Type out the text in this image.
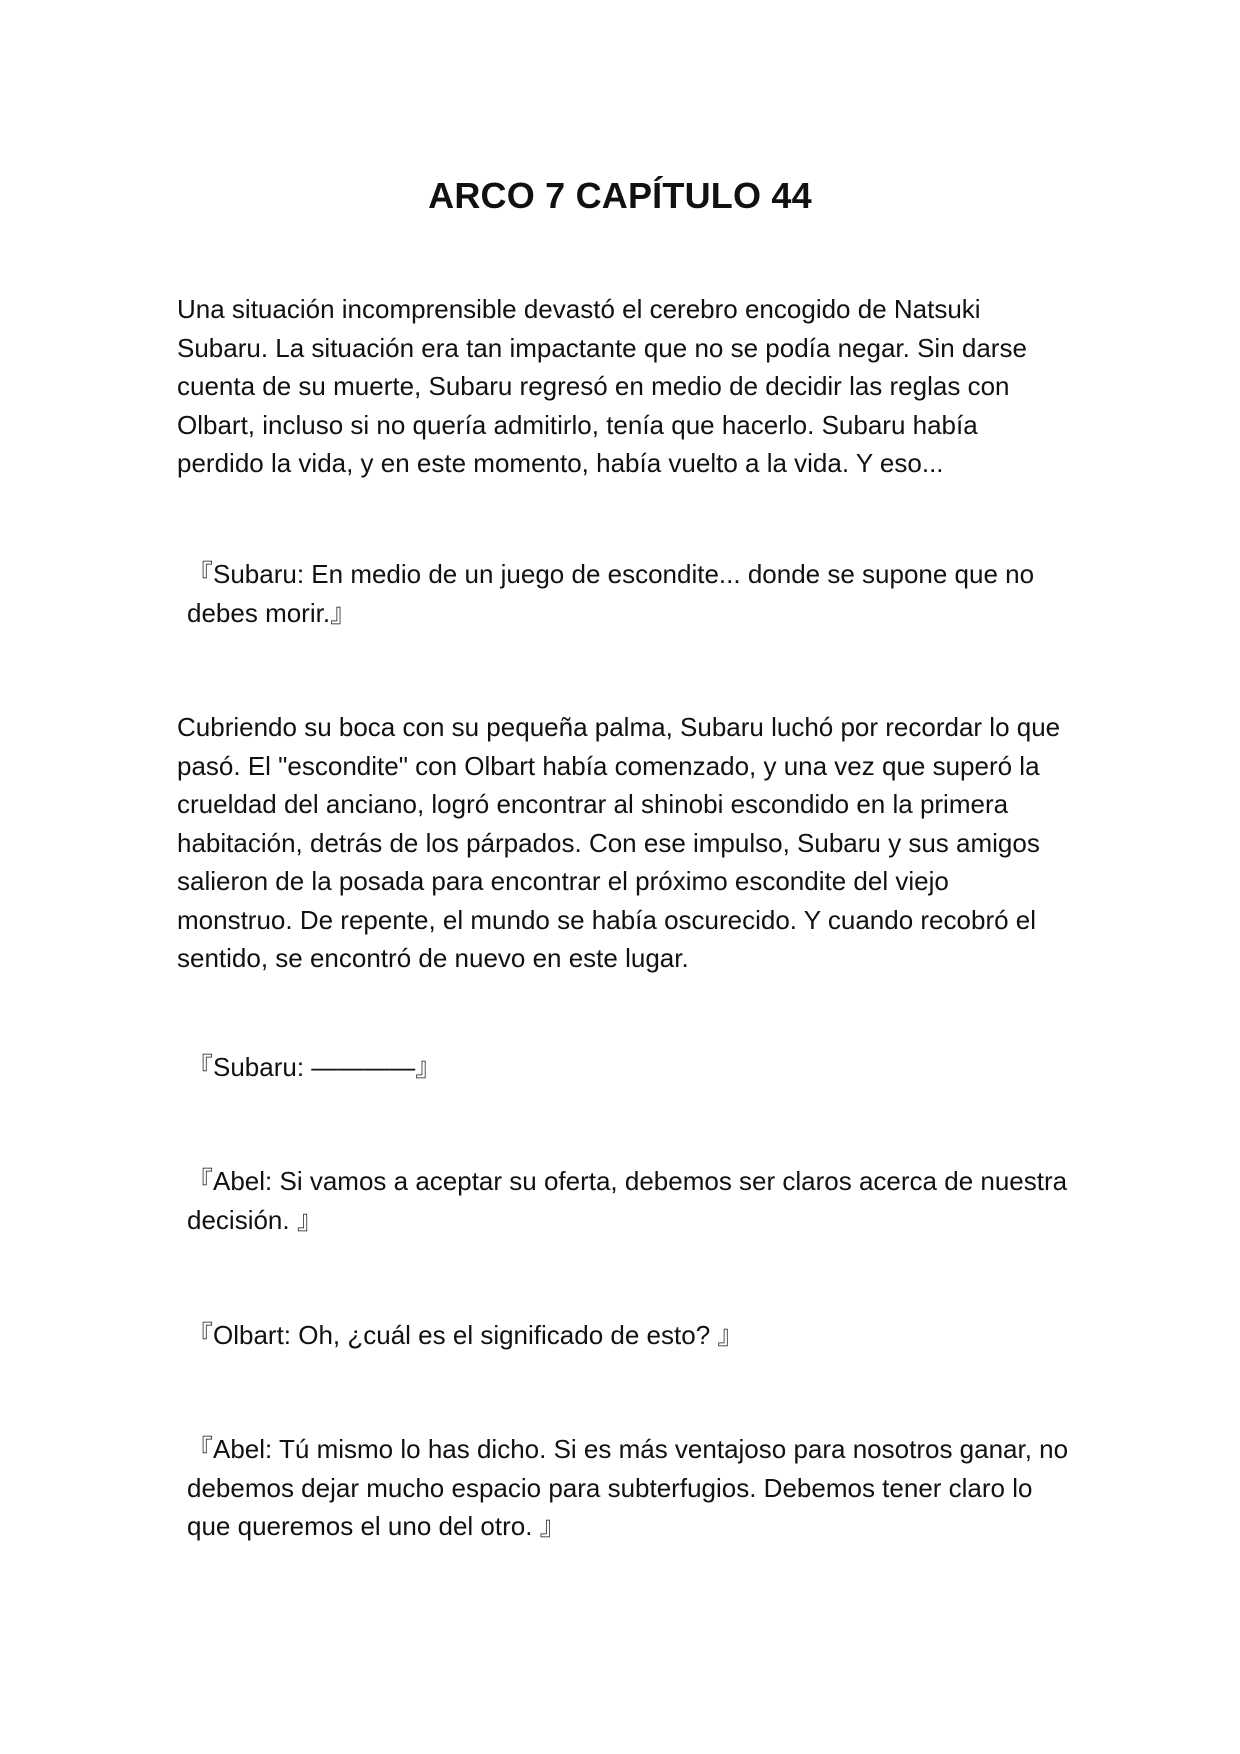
ARCO 7 CAPÍTULO 44

Una situación incomprensible devastó el cerebro encogido de Natsuki Subaru. La situación era tan impactante que no se podía negar. Sin darse cuenta de su muerte, Subaru regresó en medio de decidir las reglas con Olbart, incluso si no quería admitirlo, tenía que hacerlo. Subaru había perdido la vida, y en este momento, había vuelto a la vida. Y eso...

『Subaru: En medio de un juego de escondite... donde se supone que no debes morir.』

Cubriendo su boca con su pequeña palma, Subaru luchó por recordar lo que pasó. El "escondite" con Olbart había comenzado, y una vez que superó la crueldad del anciano, logró encontrar al shinobi escondido en la primera habitación, detrás de los párpados. Con ese impulso, Subaru y sus amigos salieron de la posada para encontrar el próximo escondite del viejo monstruo. De repente, el mundo se había oscurecido. Y cuando recobró el sentido, se encontró de nuevo en este lugar.

『Subaru: ————』

『Abel: Si vamos a aceptar su oferta, debemos ser claros acerca de nuestra decisión. 』

『Olbart: Oh, ¿cuál es el significado de esto? 』

『Abel: Tú mismo lo has dicho. Si es más ventajoso para nosotros ganar, no debemos dejar mucho espacio para subterfugios. Debemos tener claro lo que queremos el uno del otro. 』
